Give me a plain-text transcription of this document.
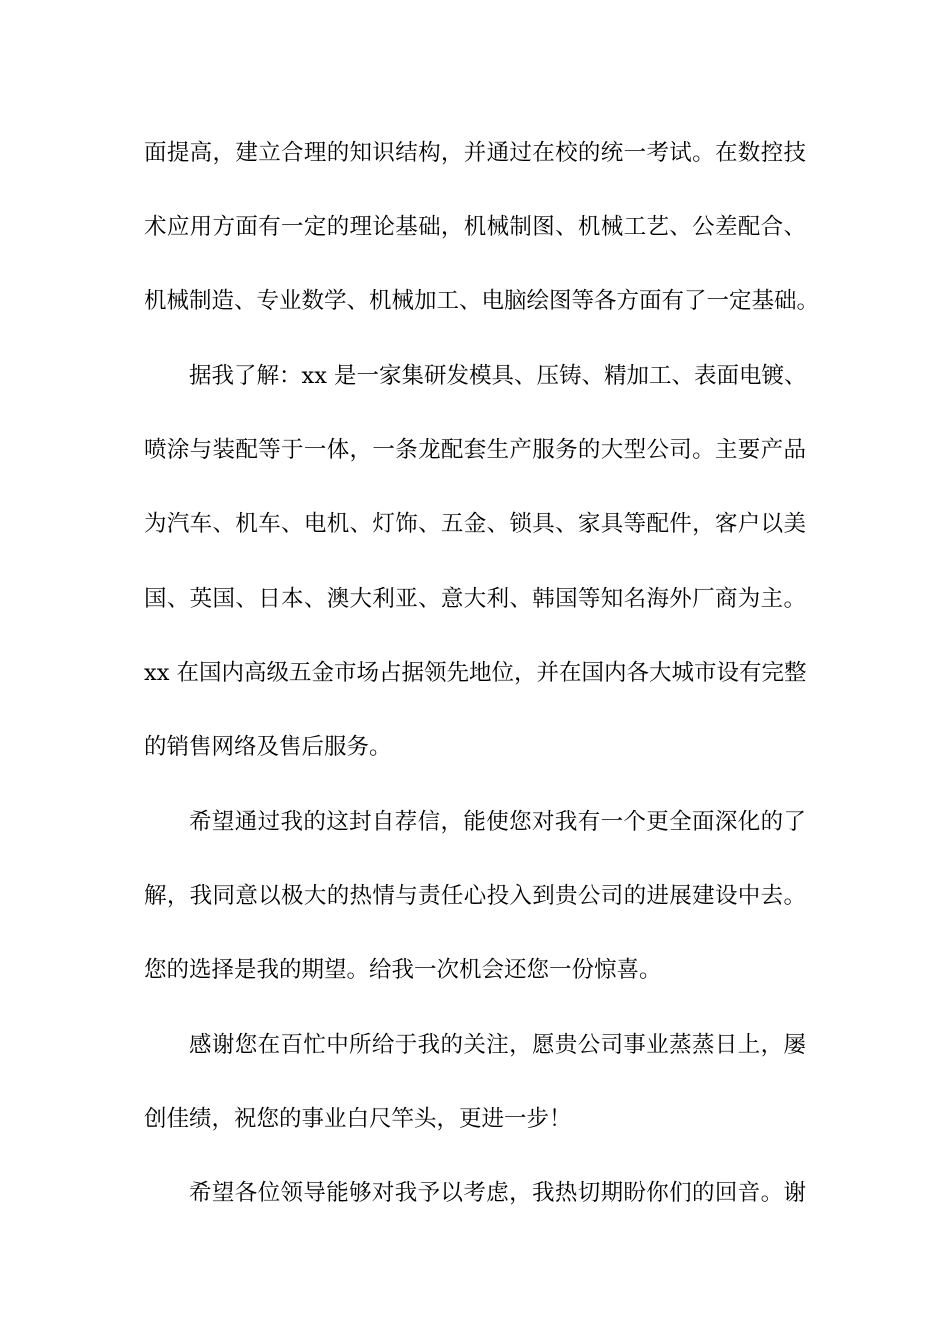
面提高，建立合理的知识结构，并通过在校的统一考试。在数控技
术应用方面有一定的理论基础，机械制图、机械工艺、公差配合、
机械制造、专业数学、机械加工、电脑绘图等各方面有了一定基础。
据我了解：xx 是一家集研发模具、压铸、精加工、表面电镀、
喷涂与装配等于一体，一条龙配套生产服务的大型公司。主要产品
为汽车、机车、电机、灯饰、五金、锁具、家具等配件，客户以美
国、英国、日本、澳大利亚、意大利、韩国等知名海外厂商为主。
xx 在国内高级五金市场占据领先地位，并在国内各大城市设有完整
的销售网络及售后服务。
希望通过我的这封自荐信，能使您对我有一个更全面深化的了
解，我同意以极大的热情与责任心投入到贵公司的进展建设中去。
您的选择是我的期望。给我一次机会还您一份惊喜。
感谢您在百忙中所给于我的关注，愿贵公司事业蒸蒸日上，屡
创佳绩，祝您的事业白尺竿头，更进一步！
希望各位领导能够对我予以考虑，我热切期盼你们的回音。谢
